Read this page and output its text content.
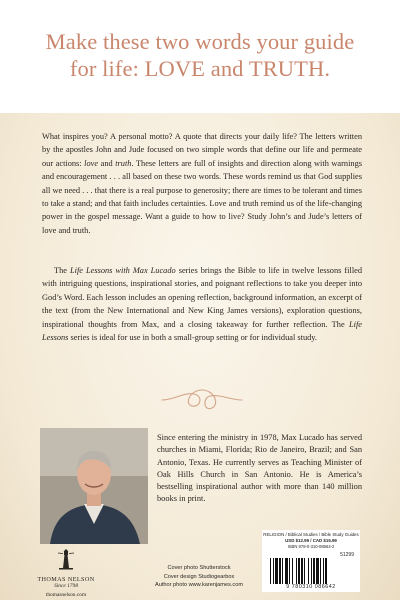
Make these two words your guide
for life: LOVE and TRUTH.

What inspires you? A personal motto? A quote that directs your daily life? The letters written by the apostles John and Jude focused on two simple words that define our life and permeate our actions: love and truth. These letters are full of insights and direction along with warnings and encouragement . . . all based on these two words. These words remind us that God supplies all we need . . . that there is a real purpose to generosity; there are times to be tolerant and times to take a stand; and that faith includes certainties. Love and truth remind us of the life-changing power in the gospel message. Want a guide to how to live? Study John’s and Jude’s letters of love and truth.

The Life Lessons with Max Lucado series brings the Bible to life in twelve lessons filled with intriguing questions, inspirational stories, and poignant reflections to take you deeper into God’s Word. Each lesson includes an opening reflection, background information, an excerpt of the text (from the New International and New King James versions), exploration questions, inspirational thoughts from Max, and a closing takeaway for further reflection. The Life Lessons series is ideal for use in both a small-group setting or for individual study.

Since entering the ministry in 1978, Max Lucado has served churches in Miami, Florida; Rio de Janeiro, Brazil; and San Antonio, Texas. He currently serves as Teaching Minister of Oak Hills Church in San Antonio. He is America’s bestselling inspirational author with more than 140 million books in print.

THOMAS NELSON
Since 1798
thomasnelson.com
Cover photo Shutterstock
Cover design Studiogearbox
Author photo www.karenjames.com
RELIGION / Biblical Studies / Bible Study Guides
USD $12.99 / CAD $15.99
ISBN 978-0-310-08664-2
51299
9 780310 086642
